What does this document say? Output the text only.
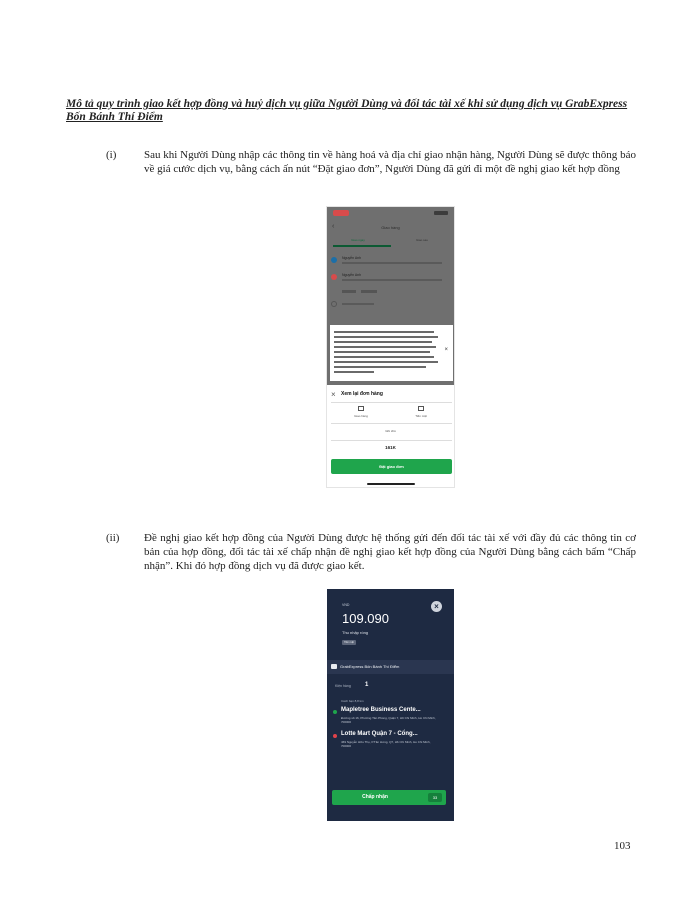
Mô tả quy trình giao kết hợp đồng và huỷ dịch vụ giữa Người Dùng và đối tác tài xế khi sử dụng dịch vụ GrabExpress Bốn Bánh Thí Điểm
(i)	Sau khi Người Dùng nhập các thông tin về hàng hoá và địa chỉ giao nhận hàng, Người Dùng sẽ được thông báo về giá cước dịch vụ, bằng cách ấn nút “Đặt giao đơn”, Người Dùng đã gửi đi một đề nghị giao kết hợp đồng
‹	Giao hàng
Giao ngay	Giao sau
Nguyễn Anh
Nguyễn Anh
×
× Xem lại đơn hàng
Giao hàng	Tiền mặt
Ghi chú
161K
Đặt giao đơn
(ii) Đề nghị giao kết hợp đồng của Người Dùng được hệ thống gửi đến đối tác tài xế với đầy đủ các thông tin cơ bản của hợp đồng, đối tác tài xế chấp nhận đề nghị giao kết hợp đồng của Người Dùng bằng cách bấm “Chấp nhận”. Khi đó hợp đồng dịch vụ đã được giao kết.
VND	×
109.090
Thu nhập ròng
Tiền mặt
GrabExpress Bốn Bánh Thí Điểm
Kiện hàng 1
Cách bạn 8,8 km
Mapletree Business Cente...
Đường số 16, Phường Tân Phong, Quận 7, Hồ Chí Minh, Ho Chi Minh, 700000
Lotte Mart Quận 7 - Cổng...
469 Nguyễn Hữu Thọ, P.Tân Hưng, Q7, Hồ Chí Minh, Ho Chi Minh, 700000
Chấp nhận	33
103
